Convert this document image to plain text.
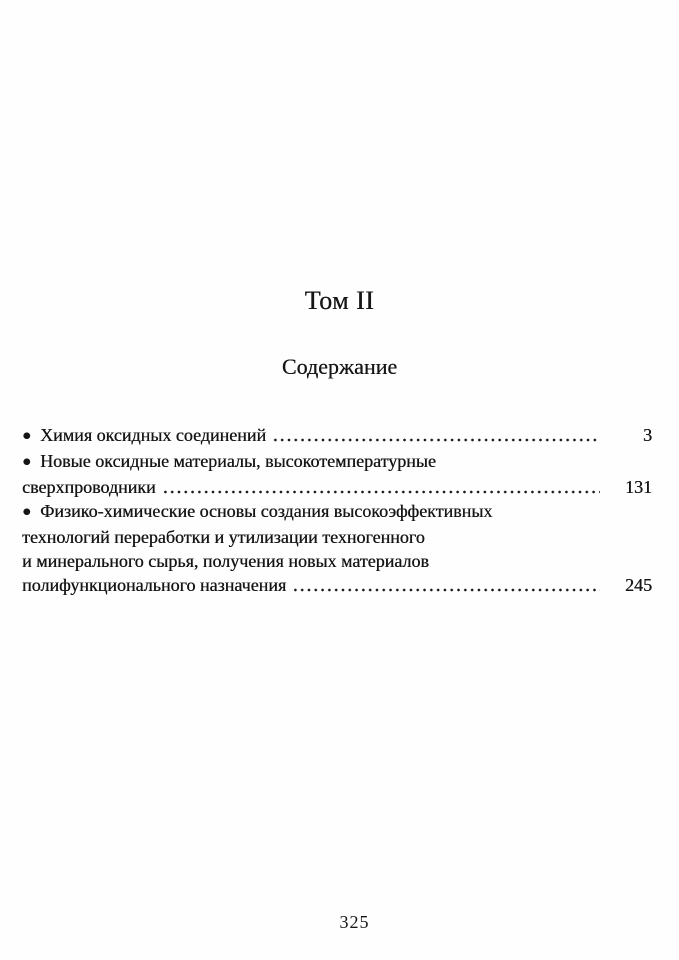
Том II
Содержание
● Химия оксидных соединений	3
● Новые оксидные материалы, высокотемпературные
сверхпроводники	131
● Физико-химические основы создания высокоэффективных
технологий переработки и утилизации техногенного
и минерального сырья, получения новых материалов
полифункционального назначения	245
325
